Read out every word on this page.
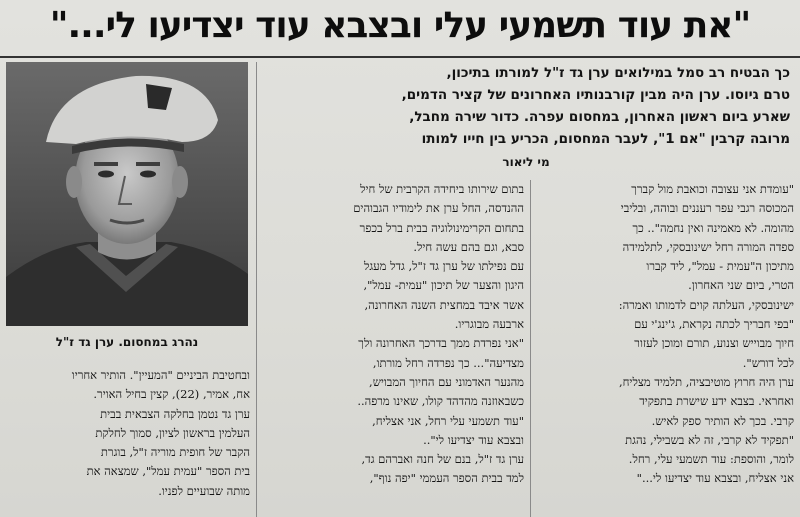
"את עוד תשמעי עלי ובצבא עוד יצדיעו לי..."
נהרג במחסום. ערן גד ז"ל
כך הבטיח רב סמל במילואים ערן גד ז"ל למורתו בתיכון,
טרם גיוסו. ערן היה מבין קורבנותיו האחרונים של קציר הדמים,
שארע ביום ראשון האחרון, במחסום עפרה. כדור שירה מחבל,
מרובה קרבין "אם 1", לעבר המחסום, הכריע בין חייו למותו
מי ליאור
"עומדת אני עצובה וכואבת מול קברך
המכוסה רגבי עפר רעננים ובוהה, ובליבי
מהומה. לא מאמינה ואין נחמה".. כך
ספדה המורה רחל ישינובסקי, לתלמידה
מתיכון ה"עמית - עמל", ליד קברו
הטרי, ביום שני האחרון.
ישינובסקי, העלתה קוים לדמותו ואמרה:
"בפי חבריך לכתה נקראת, ג'ינג'י עם
חיוך מבוייש וצנוע, תורם ומוכן לעזור
לכל דורש".
ערן היה חרוץ מוטיבציה, תלמיד מצליח,
ואחראי. בצבא ידע שישרת בתפקיד
קרבי. בכך לא הותיר ספק לאיש.
"תפקיד לא קרבי, זה לא בשבילי, נהגת
לומר, והוספת: עוד תשמעי עלי, רחל.
אני אצליח, ובצבא עוד יצדיעו לי..."
בתום שירותו ביחידה הקרבית של חיל
ההנדסה, החל ערן את לימודיו הגבוהים
בתחום הקרימינולוגיה בבית ברל בכפר
סבא, וגם בהם עשה חיל.
עם נפילתו של ערן גד ז"ל, גדל מעגל
היגון והצער של תיכון "עמית- עמל",
אשר איבד במחצית השנה האחרונה,
ארבעה מבוגריו.
"אני נפרדת ממך בדרכך האחרונה ולך
מצדיעה"... כך נפרדה רחל מורתו,
מהנער האדמוני עם החיוך המבויש,
כשבאוזנה מהדהד קולו, שאינו מרפה..
"עוד תשמעי עלי רחל, אני אצליח,
ובצבא עוד יצדיעו לי"..
ערן גד ז"ל, בנם של חנה ואברהם גד,
למד בבית הספר העממי "יפה נוף",
ובחטיבת הביניים "המעיין". הותיר אחריו
אח, אמיר, (22), קצין בחיל האויר.
ערן גד נטמן בחלקה הצבאית בבית
העלמין בראשון לציון, סמוך לחלקת
הקבר של חופית מוריה ז"ל, בוגרת
בית הספר "עמית עמל", שמצאה את
מותה שבועיים לפניו.
